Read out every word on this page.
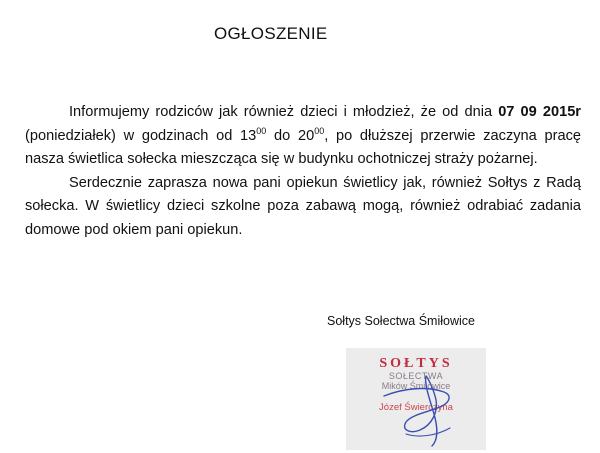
OGŁOSZENIE

Informujemy rodziców jak również dzieci i młodzież, że od dnia 07 09 2015r (poniedziałek) w godzinach od $13^{00}$ do $20^{00}$, po dłuższej przerwie zaczyna pracę nasza świetlica sołecka mieszcząca się w budynku ochotniczej straży pożarnej.

Serdecznie zaprasza nowa pani opiekun świetlicy jak, również Sołtys z Radą sołecka. W świetlicy dzieci szkolne poza zabawą mogą, również odrabiać zadania domowe pod okiem pani opiekun.

Sołtys Sołectwa Śmiłowice
SOŁTYS
SOŁECTWA
Mików Śmiłowice
Józef Świerczyna
